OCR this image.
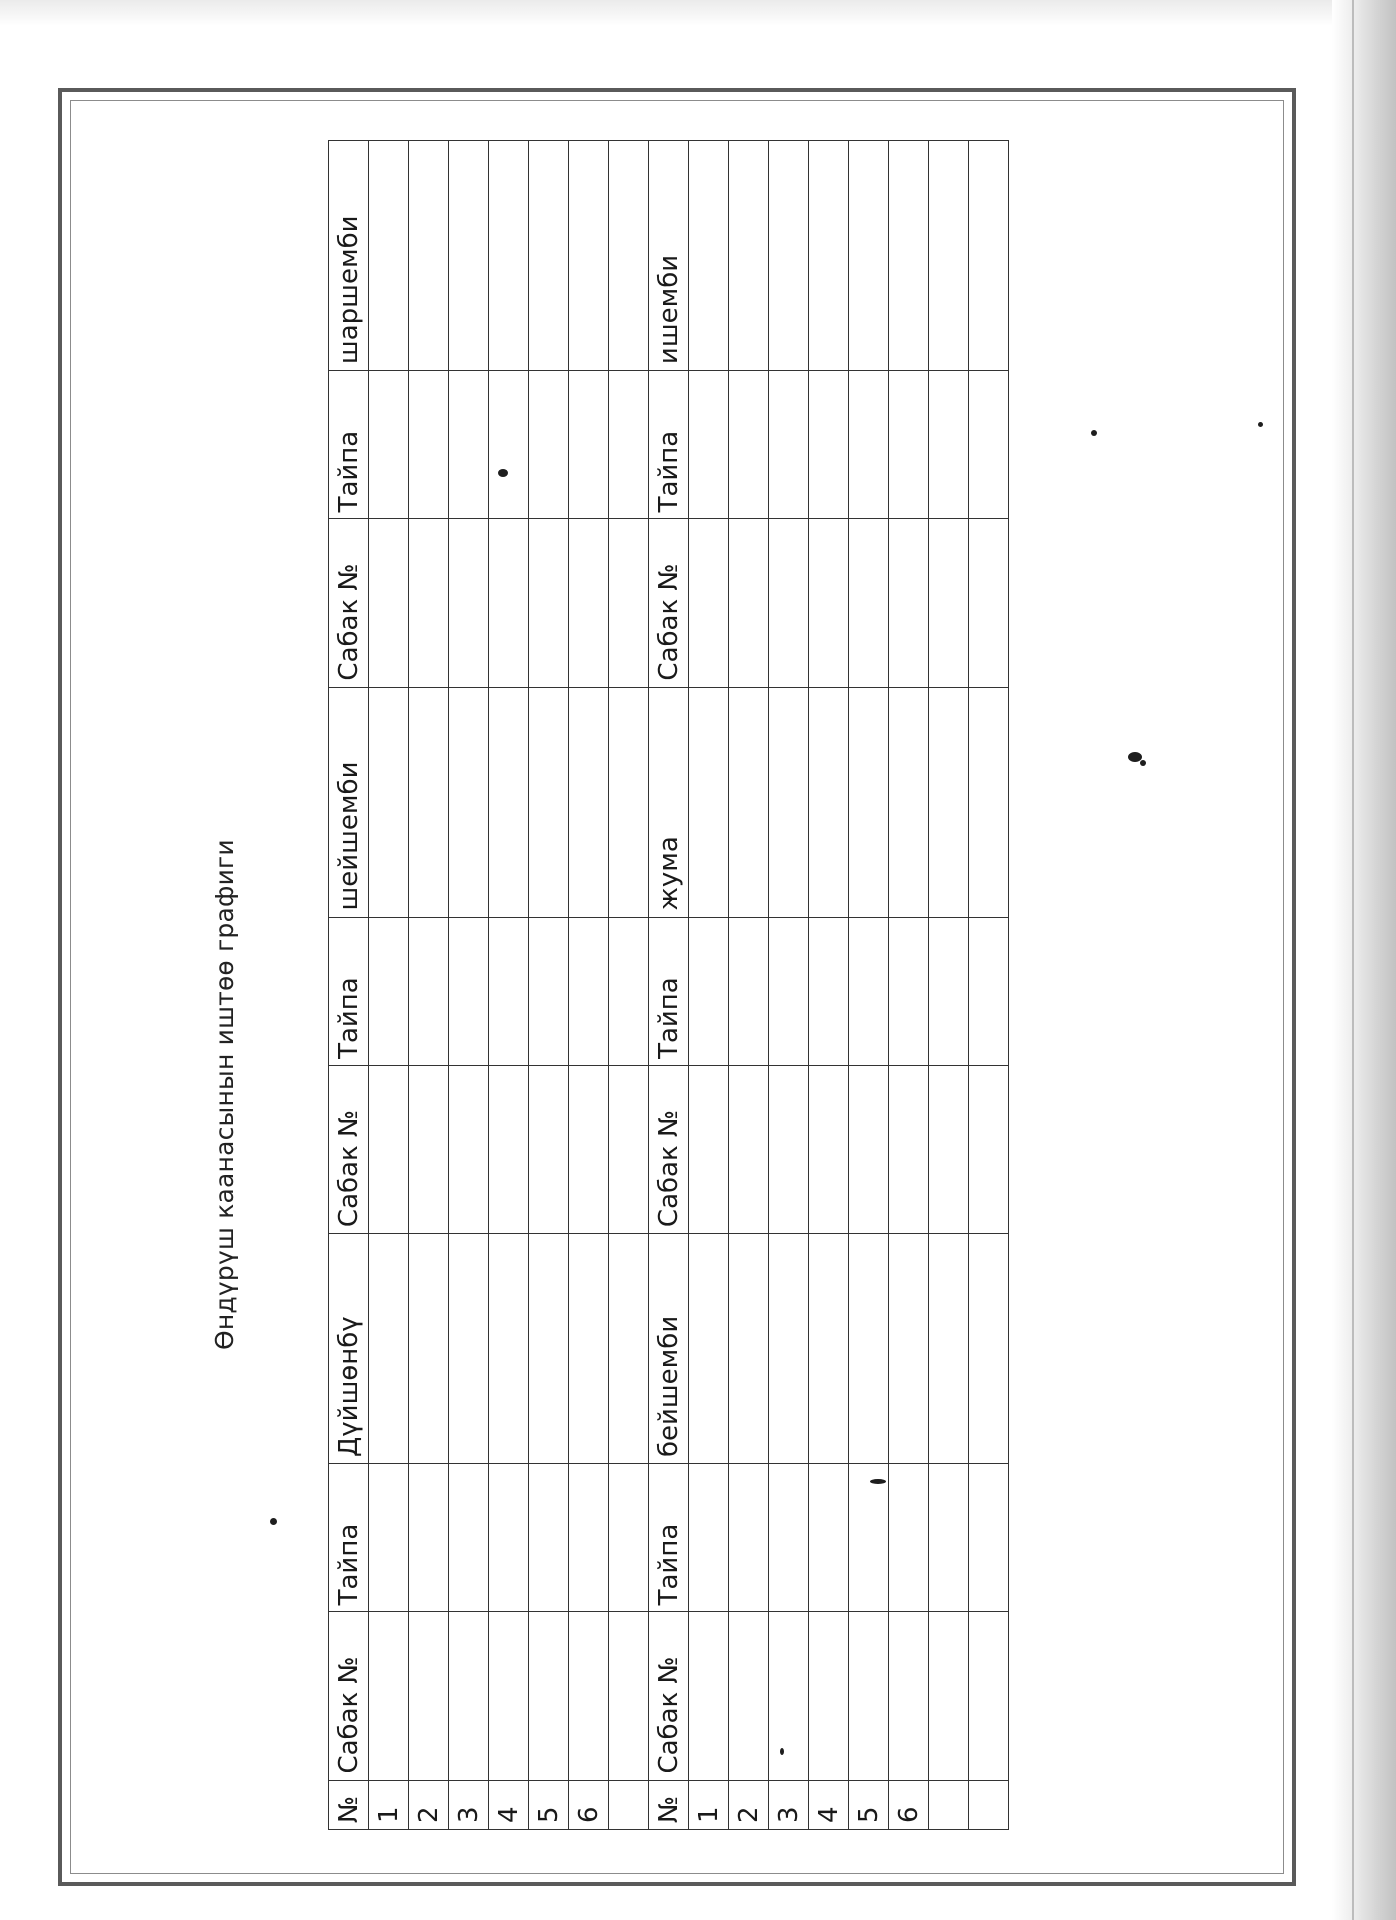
Өндүрүш каанасынын иштөө графиги
№	Сабак №	Тайпа	Дүйшөнбү	Сабак №	Тайпа	шейшемби	Сабак №	Тайпа	шаршемби
1									
2									
3									
4									
5									
6									

№	Сабак №	Тайпа	бейшемби	Сабак №	Тайпа	жума	Сабак №	Тайпа	ишемби
1									
2									
3									
4									
5									
6									
